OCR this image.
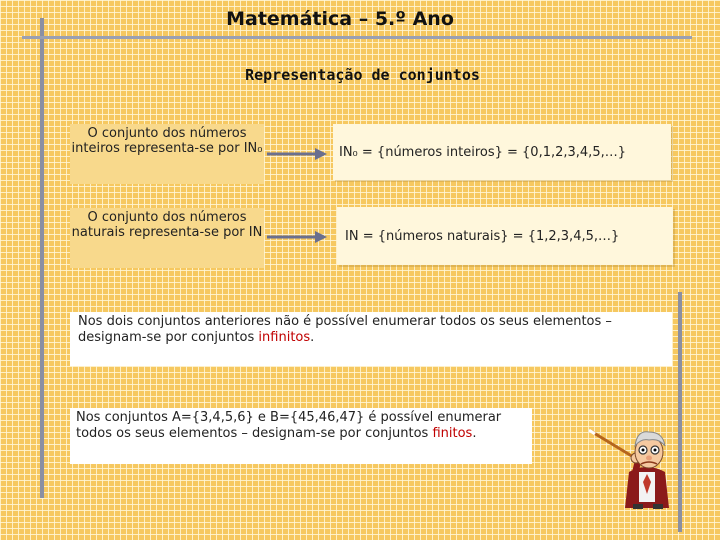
Matemática – 5.º Ano
Representação de conjuntos
O conjunto dos números inteiros representa-se por IN₀	IN₀ = {números inteiros} = {0,1,2,3,4,5,…}
O conjunto dos números naturais representa-se por IN	IN = {números naturais} = {1,2,3,4,5,…}
Nos dois conjuntos anteriores não é possível enumerar todos os seus elementos – designam-se por conjuntos infinitos.
Nos conjuntos A={3,4,5,6} e B={45,46,47} é possível enumerar todos os seus elementos – designam-se por conjuntos finitos.
